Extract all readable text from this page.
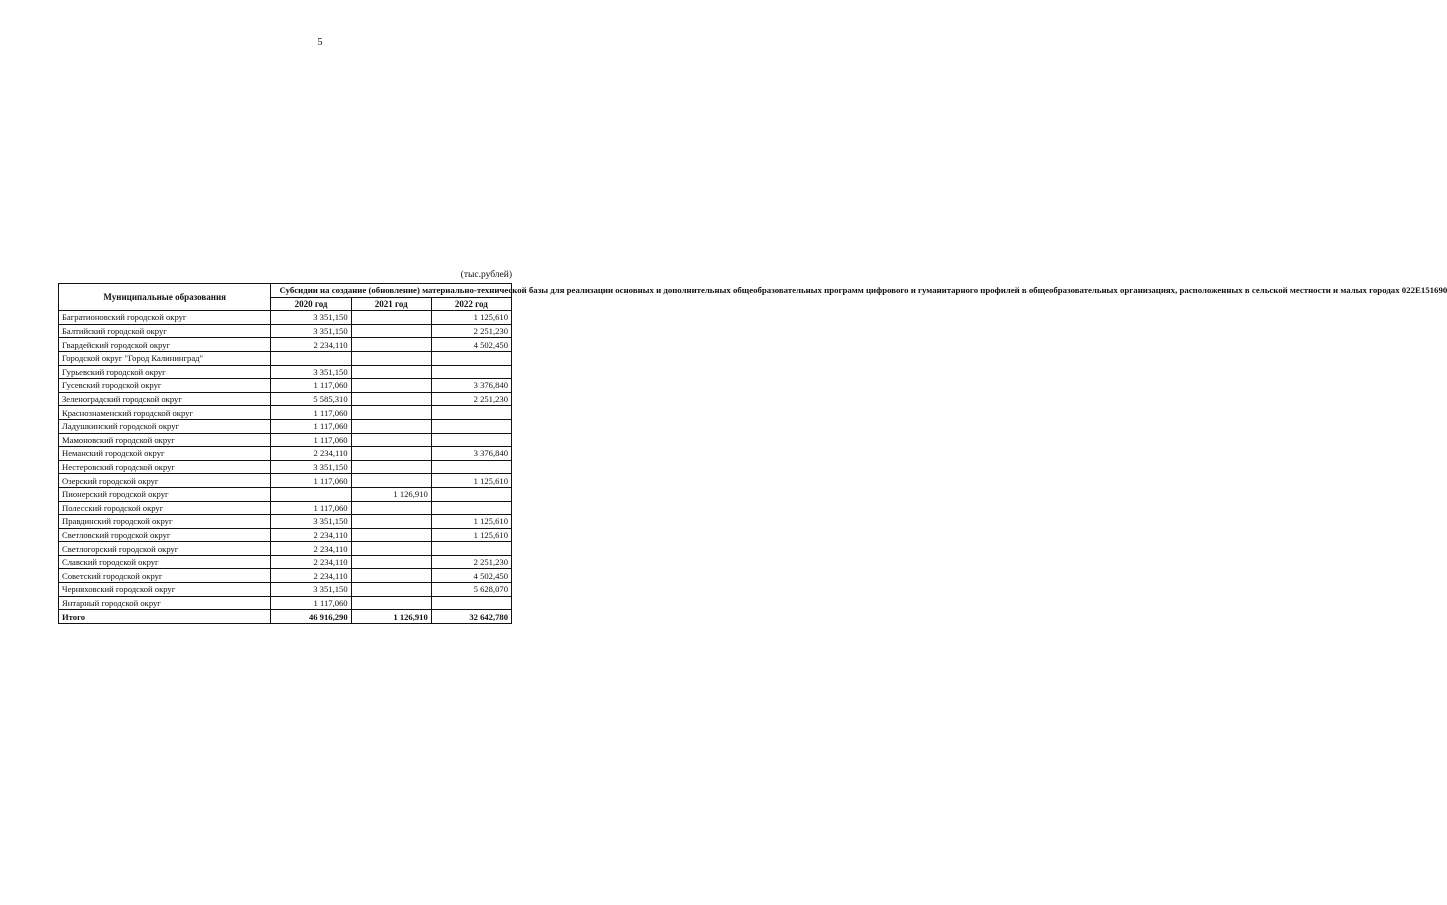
5
(тыс.рублей)
Муниципальные образования	Субсидии на создание (обновление) материально-технической базы для реализации основных и дополнительных общеобразовательных программ цифрового и гуманитарного профилей в общеобразовательных организациях, расположенных в сельской местности и малых городах 022Е151690		
	2020 год	2021 год	2022 год
Багратионовский городской округ	3 351,150		1 125,610
Балтийский городской округ	3 351,150		2 251,230
Гвардейский городской округ	2 234,110		4 502,450
Городской округ "Город Калининград"			
Гурьевский городской округ	3 351,150		
Гусевский городской округ	1 117,060		3 376,840
Зеленоградский городской округ	5 585,310		2 251,230
Краснознаменский городской округ	1 117,060		
Ладушкинский городской округ	1 117,060		
Мамоновский городской округ	1 117,060		
Неманский городской округ	2 234,110		3 376,840
Нестеровский городской округ	3 351,150		
Озерский городской округ	1 117,060		1 125,610
Пионерский городской округ		1 126,910	
Полесский городской округ	1 117,060		
Правдинский городской округ	3 351,150		1 125,610
Светловский городской округ	2 234,110		1 125,610
Светлогорский городской округ	2 234,110		
Славский городской округ	2 234,110		2 251,230
Советский городской округ	2 234,110		4 502,450
Черняховский городской округ	3 351,150		5 628,070
Янтарный городской округ	1 117,060		
Итого	46 916,290	1 126,910	32 642,780
